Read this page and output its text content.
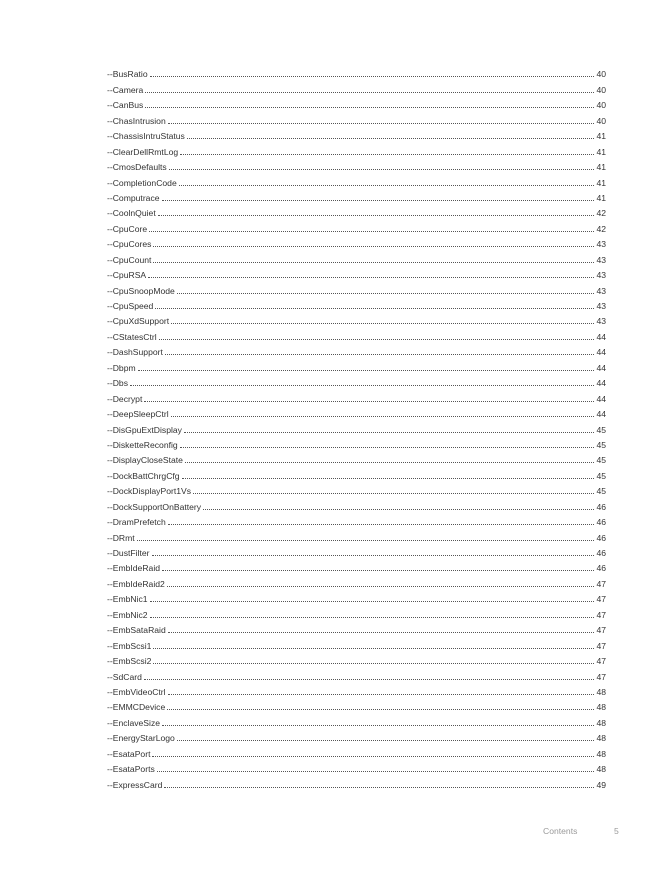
--BusRatio	40
--Camera	40
--CanBus	40
--ChasIntrusion	40
--ChassisIntruStatus	41
--ClearDellRmtLog	41
--CmosDefaults	41
--CompletionCode	41
--Computrace	41
--CoolnQuiet	42
--CpuCore	42
--CpuCores	43
--CpuCount	43
--CpuRSA	43
--CpuSnoopMode	43
--CpuSpeed	43
--CpuXdSupport	43
--CStatesCtrl	44
--DashSupport	44
--Dbpm	44
--Dbs	44
--Decrypt	44
--DeepSleepCtrl	44
--DisGpuExtDisplay	45
--DisketteReconfig	45
--DisplayCloseState	45
--DockBattChrgCfg	45
--DockDisplayPort1Vs	45
--DockSupportOnBattery	46
--DramPrefetch	46
--DRmt	46
--DustFilter	46
--EmbIdeRaid	46
--EmbIdeRaid2	47
--EmbNic1	47
--EmbNic2	47
--EmbSataRaid	47
--EmbScsi1	47
--EmbScsi2	47
--SdCard	47
--EmbVideoCtrl	48
--EMMCDevice	48
--EnclaveSize	48
--EnergyStarLogo	48
--EsataPort	48
--EsataPorts	48
--ExpressCard	49
Contents	5
